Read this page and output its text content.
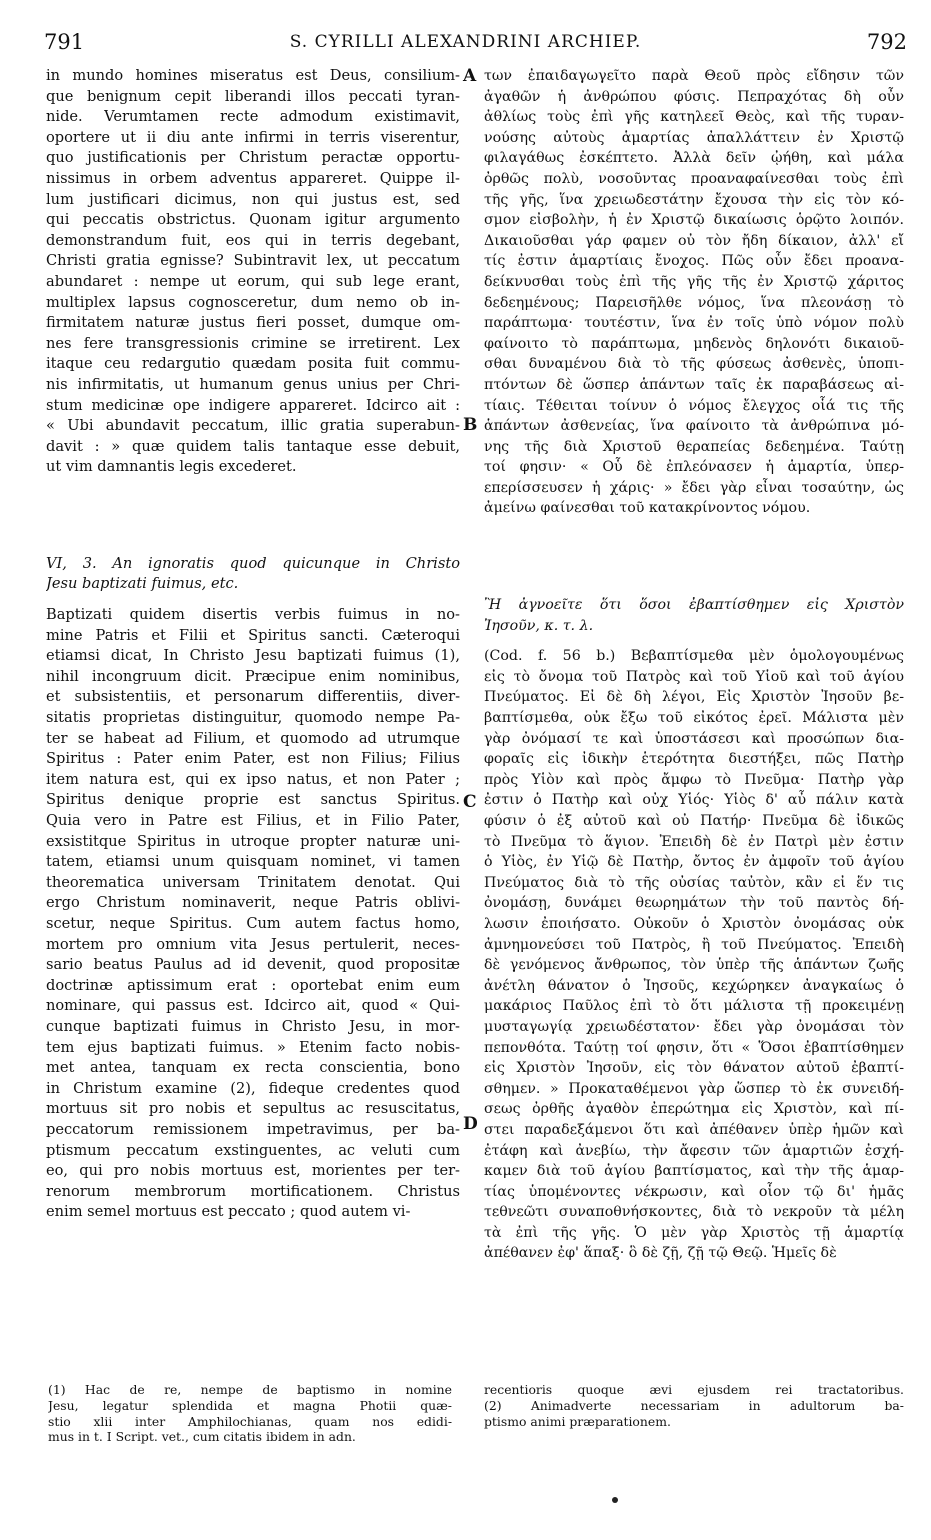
791	S. CYRILLI ALEXANDRINI ARCHIEP.	792
in mundo homines miseratus est Deus, consilium-
que benignum cepit liberandi illos peccati tyran-
nide. Verumtamen recte admodum existimavit,
oportere ut ii diu ante infirmi in terris viserentur,
quo justificationis per Christum peractæ opportu-
nissimus in orbem adventus appareret. Quippe il-
lum justificari dicimus, non qui justus est, sed
qui peccatis obstrictus. Quonam igitur argumento
demonstrandum fuit, eos qui in terris degebant,
Christi gratia egnisse? Subintravit lex, ut peccatum
abundaret : nempe ut eorum, qui sub lege erant,
multiplex lapsus cognosceretur, dum nemo ob in-
firmitatem naturæ justus fieri posset, dumque om-
nes fere transgressionis crimine se irretirent. Lex
itaque ceu redargutio quædam posita fuit commu-
nis infirmitatis, ut humanum genus unius per Chri-
stum medicinæ ope indigere appareret. Idcirco ait :
« Ubi abundavit peccatum, illic gratia superabun-
davit : » quæ quidem talis tantaque esse debuit,
ut vim damnantis legis excederet.
VI, 3. An ignoratis quod quicunque in Christo
Jesu baptizati fuimus, etc.
Baptizati quidem disertis verbis fuimus in no-
mine Patris et Filii et Spiritus sancti. Cæteroqui
etiamsi dicat, In Christo Jesu baptizati fuimus (1),
nihil incongruum dicit. Præcipue enim nominibus,
et subsistentiis, et personarum differentiis, diver-
sitatis proprietas distinguitur, quomodo nempe Pa-
ter se habeat ad Filium, et quomodo ad utrumque
Spiritus : Pater enim Pater, est non Filius; Filius
item natura est, qui ex ipso natus, et non Pater ;
Spiritus denique proprie est sanctus Spiritus.
Quia vero in Patre est Filius, et in Filio Pater,
exsistitque Spiritus in utroque propter naturæ uni-
tatem, etiamsi unum quisquam nominet, vi tamen
theorematica universam Trinitatem denotat. Qui
ergo Christum nominaverit, neque Patris oblivi-
scetur, neque Spiritus. Cum autem factus homo,
mortem pro omnium vita Jesus pertulerit, neces-
sario beatus Paulus ad id devenit, quod propositæ
doctrinæ aptissimum erat : oportebat enim eum
nominare, qui passus est. Idcirco ait, quod « Qui-
cunque baptizati fuimus in Christo Jesu, in mor-
tem ejus baptizati fuimus. » Etenim facto nobis-
met antea, tanquam ex recta conscientia, bono
in Christum examine (2), fideque credentes quod
mortuus sit pro nobis et sepultus ac resuscitatus,
peccatorum remissionem impetravimus, per ba-
ptismum peccatum exstinguentes, ac veluti cum
eo, qui pro nobis mortuus est, morientes per ter-
renorum membrorum mortificationem. Christus
enim semel mortuus est peccato ; quod autem vi-
των ἐπαιδαγωγεῖτο παρὰ Θεοῦ πρὸς εἴδησιν τῶν
ἀγαθῶν ἡ ἀνθρώπου φύσις. Πεπραχότας δὴ οὖν
ἀθλίως τοὺς ἐπὶ γῆς κατηλεεῖ Θεὸς, καὶ τῆς τυραν-
νούσης αὐτοὺς ἁμαρτίας ἀπαλλάττειν ἐν Χριστῷ
φιλαγάθως ἐσκέπτετο. Ἀλλὰ δεῖν ᾠήθη, καὶ μάλα
ὀρθῶς πολὺ, νοσοῦντας προαναφαίνεσθαι τοὺς ἐπὶ
τῆς γῆς, ἵνα χρειωδεστάτην ἔχουσα τὴν εἰς τὸν κό-
σμον εἰσβολὴν, ἡ ἐν Χριστῷ δικαίωσις ὁρῷτο λοιπόν.
Δικαιοῦσθαι γάρ φαμεν οὐ τὸν ἤδη δίκαιον, ἀλλ' εἴ
τίς ἐστιν ἁμαρτίαις ἔνοχος. Πῶς οὖν ἔδει προανα-
δείκνυσθαι τοὺς ἐπὶ τῆς γῆς τῆς ἐν Χριστῷ χάριτος
δεδεημένους; Παρεισῆλθε νόμος, ἵνα πλεονάσῃ τὸ
παράπτωμα· τουτέστιν, ἵνα ἐν τοῖς ὑπὸ νόμον πολὺ
φαίνοιτο τὸ παράπτωμα, μηδενὸς δηλονότι δικαιοῦ-
σθαι δυναμένου διὰ τὸ τῆς φύσεως ἀσθενὲς, ὑποπι-
πτόντων δὲ ὥσπερ ἁπάντων ταῖς ἐκ παραβάσεως αἰ-
τίαις. Τέθειται τοίνυν ὁ νόμος ἔλεγχος οἷά τις τῆς
ἁπάντων ἀσθενείας, ἵνα φαίνοιτο τὰ ἀνθρώπινα μό-
νης τῆς διὰ Χριστοῦ θεραπείας δεδεημένα. Ταύτῃ
τοί φησιν· « Οὗ δὲ ἐπλεόνασεν ἡ ἁμαρτία, ὑπερ-
επερίσσευσεν ἡ χάρις· » ἔδει γὰρ εἶναι τοσαύτην, ὡς
ἀμείνω φαίνεσθαι τοῦ κατακρίνοντος νόμου.
Ἢ ἀγνοεῖτε ὅτι ὅσοι ἐβαπτίσθημεν εἰς Χριστὸν
Ἰησοῦν, κ. τ. λ.
(Cod. f. 56 b.) Βεβαπτίσμεθα μὲν ὁμολογουμένως
εἰς τὸ ὄνομα τοῦ Πατρὸς καὶ τοῦ Υἱοῦ καὶ τοῦ ἁγίου
Πνεύματος. Εἰ δὲ δὴ λέγοι, Εἰς Χριστὸν Ἰησοῦν βε-
βαπτίσμεθα, οὐκ ἔξω τοῦ εἰκότος ἐρεῖ. Μάλιστα μὲν
γὰρ ὀνόμασί τε καὶ ὑποστάσεσι καὶ προσώπων δια-
φοραῖς εἰς ἰδικὴν ἑτερότητα διεστήξει, πῶς Πατὴρ
πρὸς Υἱὸν καὶ πρὸς ἄμφω τὸ Πνεῦμα· Πατὴρ γὰρ
ἐστιν ὁ Πατὴρ καὶ οὐχ Υἱός· Υἱὸς δ' αὖ πάλιν κατὰ
φύσιν ὁ ἐξ αὐτοῦ καὶ οὐ Πατήρ· Πνεῦμα δὲ ἰδικῶς
τὸ Πνεῦμα τὸ ἅγιον. Ἐπειδὴ δὲ ἐν Πατρὶ μὲν ἐστιν
ὁ Υἱὸς, ἐν Υἱῷ δὲ Πατὴρ, ὄντος ἐν ἀμφοῖν τοῦ ἁγίου
Πνεύματος διὰ τὸ τῆς οὐσίας ταὐτὸν, κἂν εἰ ἕν τις
ὀνομάσῃ, δυνάμει θεωρημάτων τὴν τοῦ παντὸς δή-
λωσιν ἐποιήσατο. Οὐκοῦν ὁ Χριστὸν ὀνομάσας οὐκ
ἀμνημονεύσει τοῦ Πατρὸς, ἢ τοῦ Πνεύματος. Ἐπειδὴ
δὲ γενόμενος ἄνθρωπος, τὸν ὑπὲρ τῆς ἁπάντων ζωῆς
ἀνέτλη θάνατον ὁ Ἰησοῦς, κεχώρηκεν ἀναγκαίως ὁ
μακάριος Παῦλος ἐπὶ τὸ ὅτι μάλιστα τῇ προκειμένῃ
μυσταγωγίᾳ χρειωδέστατον· ἔδει γὰρ ὀνομάσαι τὸν
πεπονθότα. Ταύτῃ τοί φησιν, ὅτι « Ὅσοι ἐβαπτίσθημεν
εἰς Χριστὸν Ἰησοῦν, εἰς τὸν θάνατον αὐτοῦ ἐβαπτί-
σθημεν. » Προκαταθέμενοι γὰρ ὥσπερ τὸ ἐκ συνειδή-
σεως ὀρθῆς ἀγαθὸν ἐπερώτημα εἰς Χριστὸν, καὶ πί-
στει παραδεξάμενοι ὅτι καὶ ἀπέθανεν ὑπὲρ ἡμῶν καὶ
ἐτάφη καὶ ἀνεβίω, τὴν ἄφεσιν τῶν ἁμαρτιῶν ἐσχή-
καμεν διὰ τοῦ ἁγίου βαπτίσματος, καὶ τὴν τῆς ἁμαρ-
τίας ὑπομένοντες νέκρωσιν, καὶ οἷον τῷ δι' ἡμᾶς
τεθνεῶτι συναποθνήσκοντες, διὰ τὸ νεκροῦν τὰ μέλη
τὰ ἐπὶ τῆς γῆς. Ὁ μὲν γὰρ Χριστὸς τῇ ἁμαρτίᾳ
ἀπέθανεν ἐφ' ἅπαξ· ὃ δὲ ζῇ, ζῇ τῷ Θεῷ. Ἡμεῖς δὲ
A
B
C
D
(1) Hac de re, nempe de baptismo in nomine
Jesu, legatur splendida et magna Photii quæ-
stio xlii inter Amphilochianas, quam nos edidi-
mus in t. I Script. vet., cum citatis ibidem in adn.
recentioris quoque ævi ejusdem rei tractatoribus.
(2) Animadverte necessariam in adultorum ba-
ptismo animi præparationem.
